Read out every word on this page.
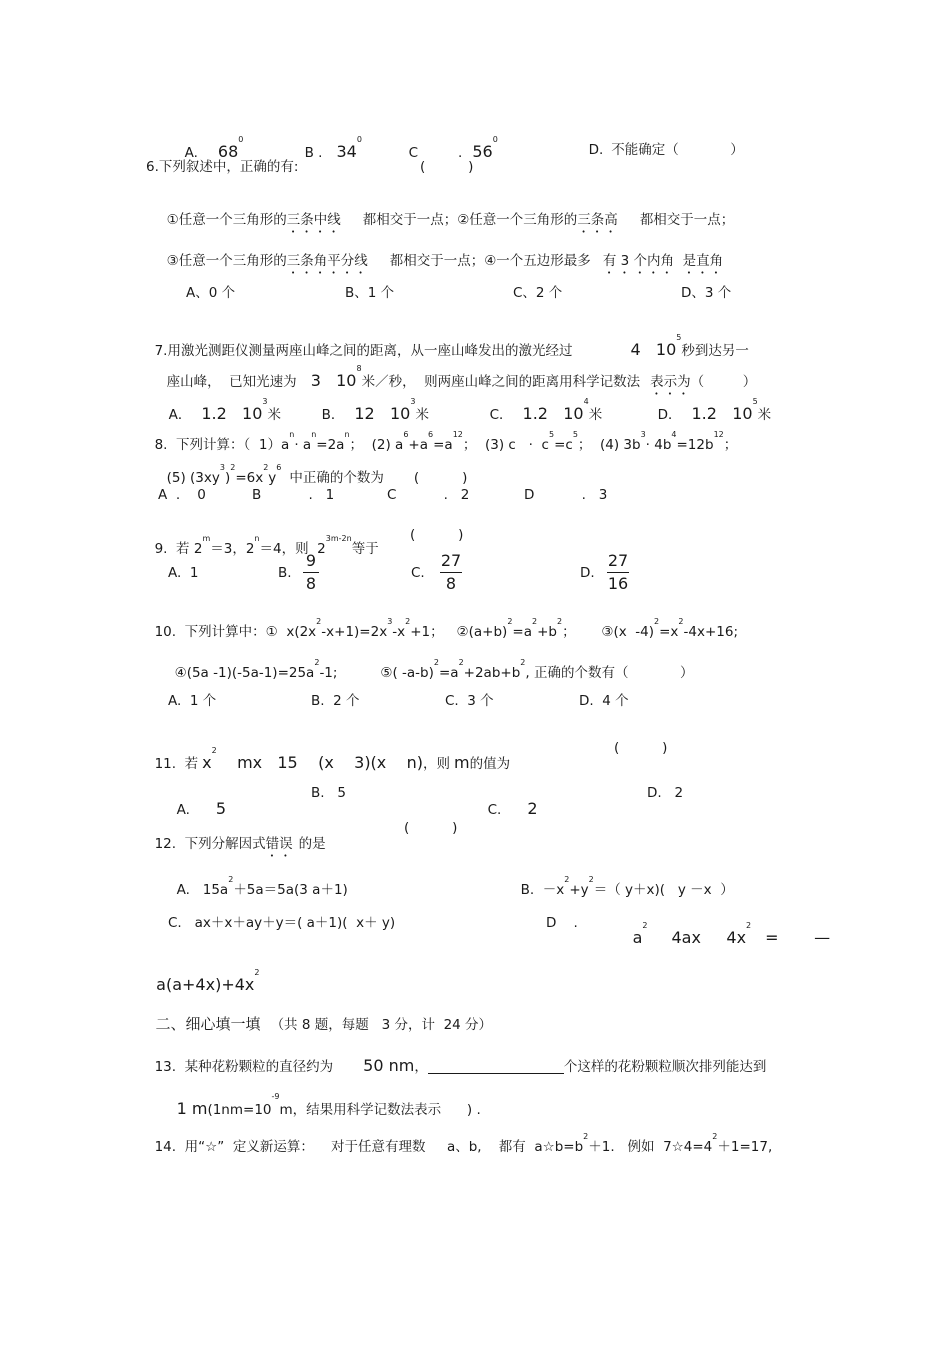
A. $68^0$

B . $34^0$

C	. $56^0$

D. 不能确定（            ）

6.下列叙述中，正确的有:	(          )

①任意一个三角形的三条中线 都相交于一点；②任意一个三角形的三条高 都相交于一点；

③任意一个三角形的三条角平分线 都相交于一点；④一个五边形最多 有 3 个内角  是直角

A、0 个	B、1 个	C、2 个	D、3 个

7.用激光测距仪测量两座山峰之间的距离，从一座山峰发出的激光经过	4   $10^5$秒到达另一

座山峰，  已知光速为 3   $10^8$米／秒，  则两座山峰之间的距离用科学记数法 表示为（         ）

A． 1.2   $10^3$米	B． 12   $10^3$米	C． 1.2   $10^4$米	D． 1.2   $10^5$米

8.  下列计算：（  $1)a^n\cdot a^n=2a^n$；  (2) $a^6+a^6=a^{12}$；  (3) $c \cdot c^5=c^5$；  (4) $3b^3\cdot 4b^4=12b^{12}$；

(5) $(3xy^3)^2=6x^2y^6$中正确的个数为       (          )

A  .    0	B           .   1	C           .   2	D           .   3

9.  若 $2^m=3$，$2^n=4$，则  $2^{3m-2n}$等于

(          )
A.  1	B.
9
8
C.
27
8
D.
27
16

10.  下列计算中：①  $x(2x^2-x+1)=2x^3-x^2+1$；   $②(a+b)^2=a^2+b^2$；      ③(x  $-4)^2=x^2-4x+16$;

④(5a $-1)(-5a-1)=25a^2-1$;          ⑤( $-a-b)^2=a^2+2ab+b^2$, 正确的个数有（            ）

A.  1 个	B.  2 个	C.  3 个	D.  4 个

11.  若 $x^2$    mx   15    (x    3)(x    n)，则 m的值为

(          )

A. 5

B.   5

C. 2

D.   2

12.  下列分解因式错误 的是

(          )

A.   $15a^2+5a=5a(3$ a＋1)	B.  $-x^2+y^2=$（ y＋x)(   y －x  ）

C.   ax＋x＋ay＋y＝( a＋1)(  x＋ y)	D    .

$a^24ax$     $4x^2=$       —

$a(a+4x)+4x^2$

二、细心填一填 （共 8 题，每题   3 分，计  24 分）

13.  某种花粉颗粒的直径约为 50 nm，	个这样的花粉颗粒顺次排列能达到

1 $m(1nm=10^{-9}m$，结果用科学记数法表示      ) .

14.  用“☆”  定义新运算：    对于任意有理数     a、b,    都有  $a☆b=b^2+1$.   例如  $7☆4=4^2+1=17$,
